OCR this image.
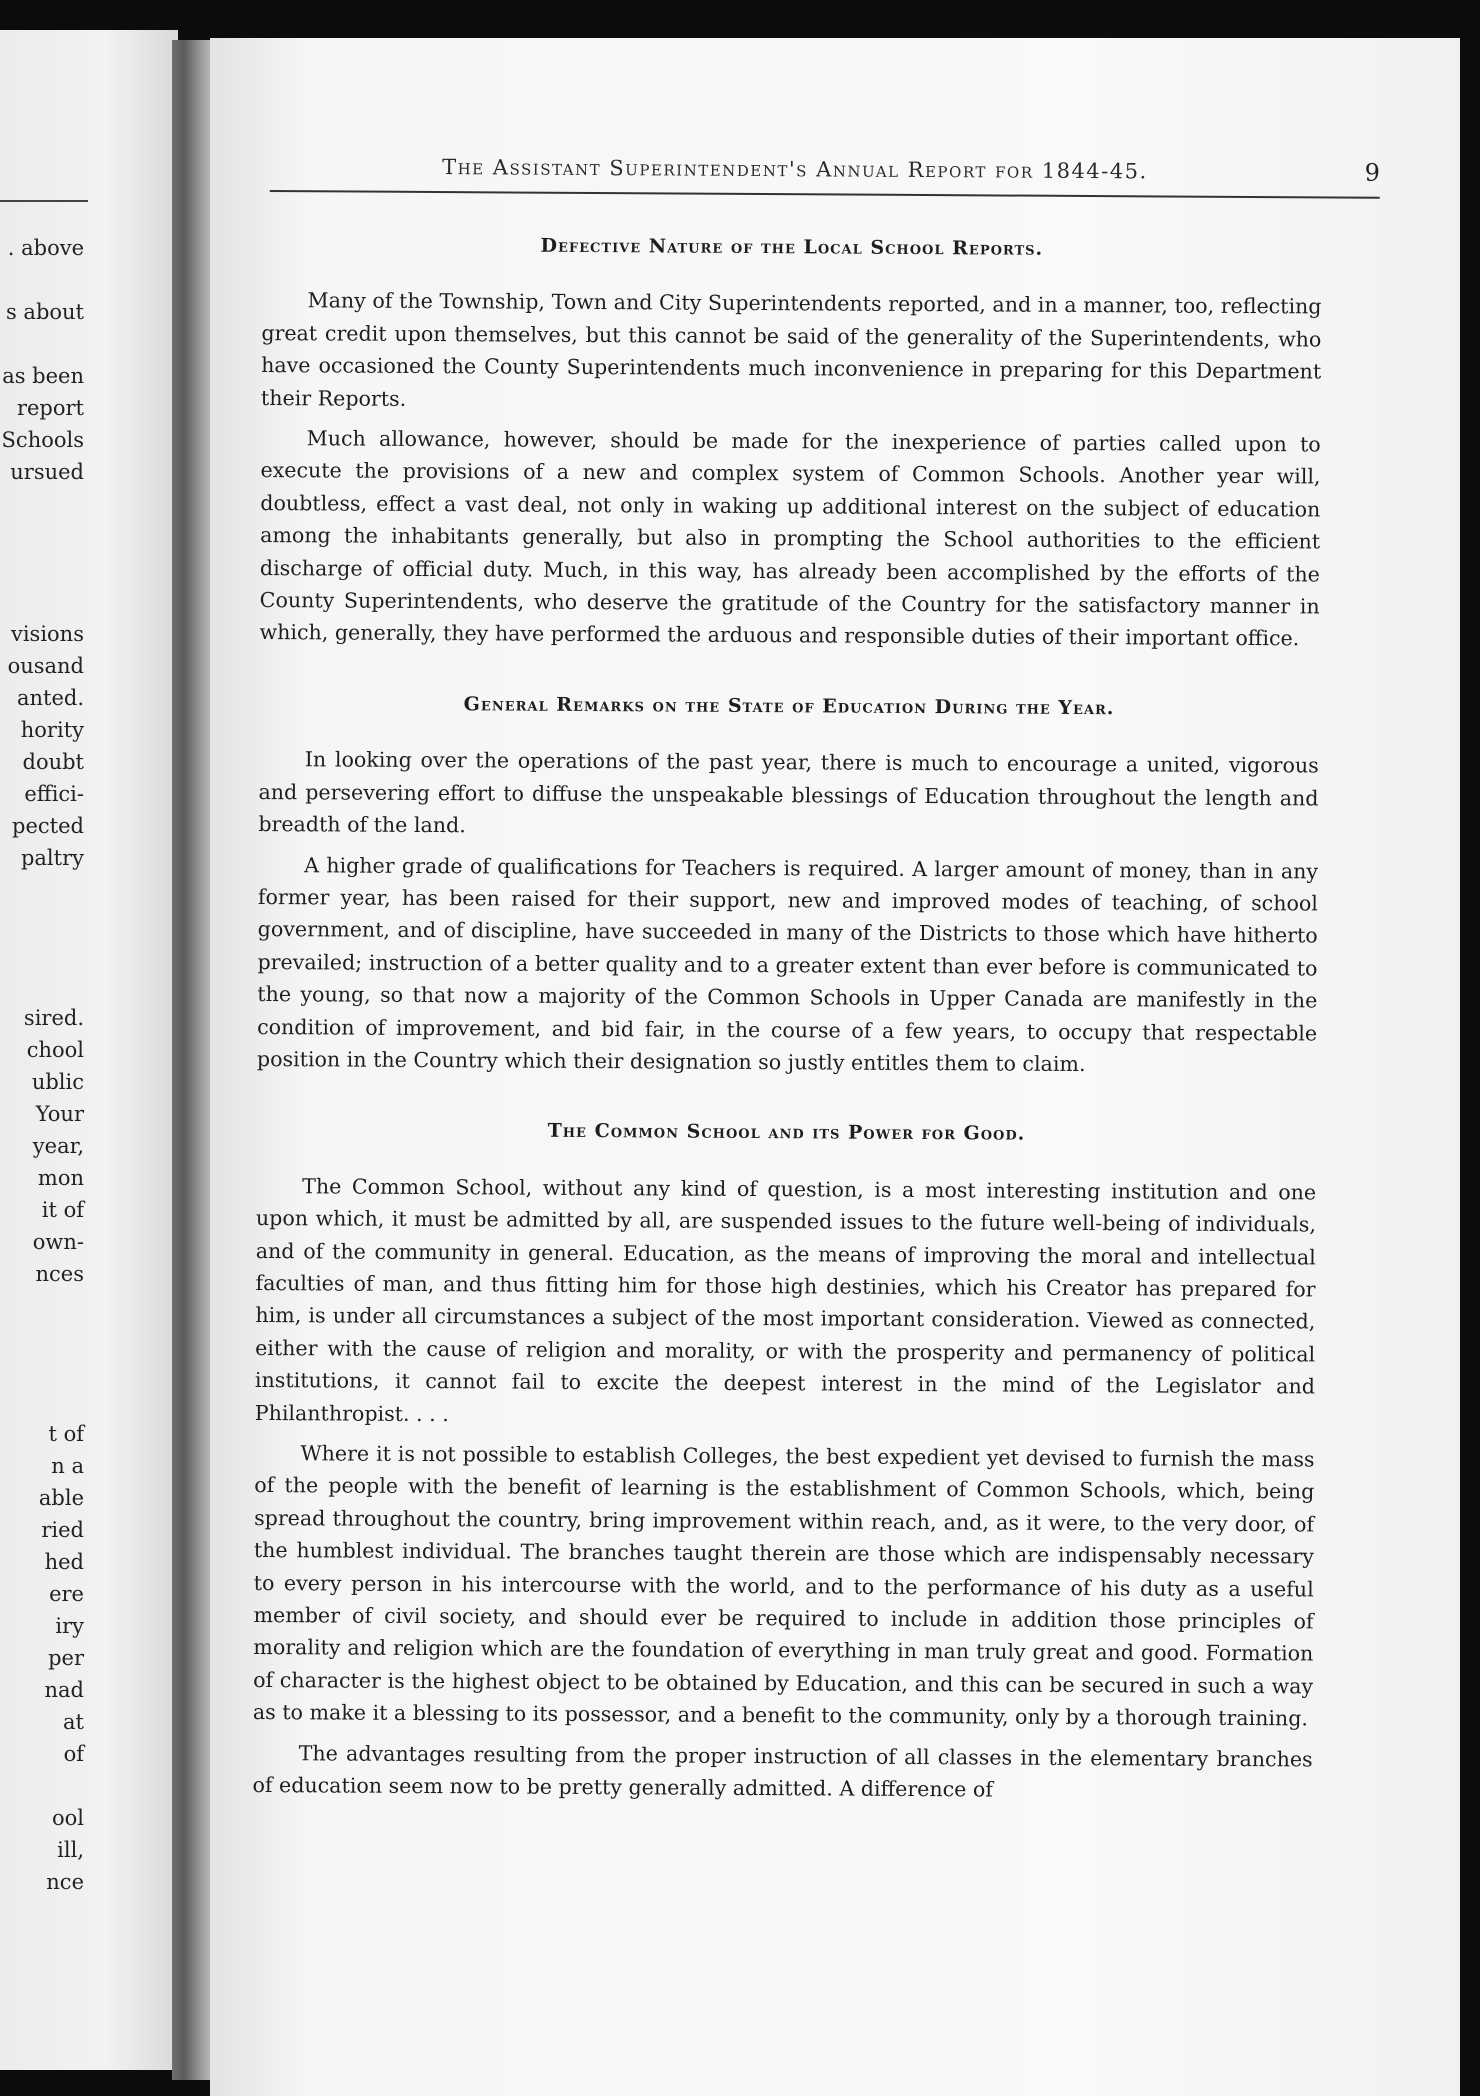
. above
s about
as been
report
Schools
ursued
visions
ousand
anted.
hority
doubt
effici-
pected
paltry
sired.
chool
ublic
Your
year,
mon
it of
own-
nces
t of
n a
able
ried
hed
ere
iry
per
nad
at
of
ool
ill,
nce
The Assistant Superintendent's Annual Report for 1844-45.	9
Defective Nature of the Local School Reports.

Many of the Township, Town and City Superintendents reported, and in a manner, too, reflecting great credit upon themselves, but this cannot be said of the generality of the Superintendents, who have occasioned the County Superintendents much inconvenience in preparing for this Department their Reports.

Much allowance, however, should be made for the inexperience of parties called upon to execute the provisions of a new and complex system of Common Schools. Another year will, doubtless, effect a vast deal, not only in waking up additional interest on the subject of education among the inhabitants generally, but also in prompting the School authorities to the efficient discharge of official duty. Much, in this way, has already been accomplished by the efforts of the County Superintendents, who deserve the gratitude of the Country for the satisfactory manner in which, generally, they have performed the arduous and responsible duties of their important office.

General Remarks on the State of Education During the Year.

In looking over the operations of the past year, there is much to encourage a united, vigorous and persevering effort to diffuse the unspeakable blessings of Education throughout the length and breadth of the land.

A higher grade of qualifications for Teachers is required. A larger amount of money, than in any former year, has been raised for their support, new and improved modes of teaching, of school government, and of discipline, have succeeded in many of the Districts to those which have hitherto prevailed; instruction of a better quality and to a greater extent than ever before is communicated to the young, so that now a majority of the Common Schools in Upper Canada are manifestly in the condition of improvement, and bid fair, in the course of a few years, to occupy that respectable position in the Country which their designation so justly entitles them to claim.

The Common School and its Power for Good.

The Common School, without any kind of question, is a most interesting institution and one upon which, it must be admitted by all, are suspended issues to the future well-being of individuals, and of the community in general. Education, as the means of improving the moral and intellectual faculties of man, and thus fitting him for those high destinies, which his Creator has prepared for him, is under all circumstances a subject of the most important consideration. Viewed as connected, either with the cause of religion and morality, or with the prosperity and permanency of political institutions, it cannot fail to excite the deepest interest in the mind of the Legislator and Philanthropist. . . .

Where it is not possible to establish Colleges, the best expedient yet devised to furnish the mass of the people with the benefit of learning is the establishment of Common Schools, which, being spread throughout the country, bring improvement within reach, and, as it were, to the very door, of the humblest individual. The branches taught therein are those which are indispensably necessary to every person in his intercourse with the world, and to the performance of his duty as a useful member of civil society, and should ever be required to include in addition those principles of morality and religion which are the foundation of everything in man truly great and good. Formation of character is the highest object to be obtained by Education, and this can be secured in such a way as to make it a blessing to its possessor, and a benefit to the community, only by a thorough training.

The advantages resulting from the proper instruction of all classes in the elementary branches of education seem now to be pretty generally admitted. A difference of
